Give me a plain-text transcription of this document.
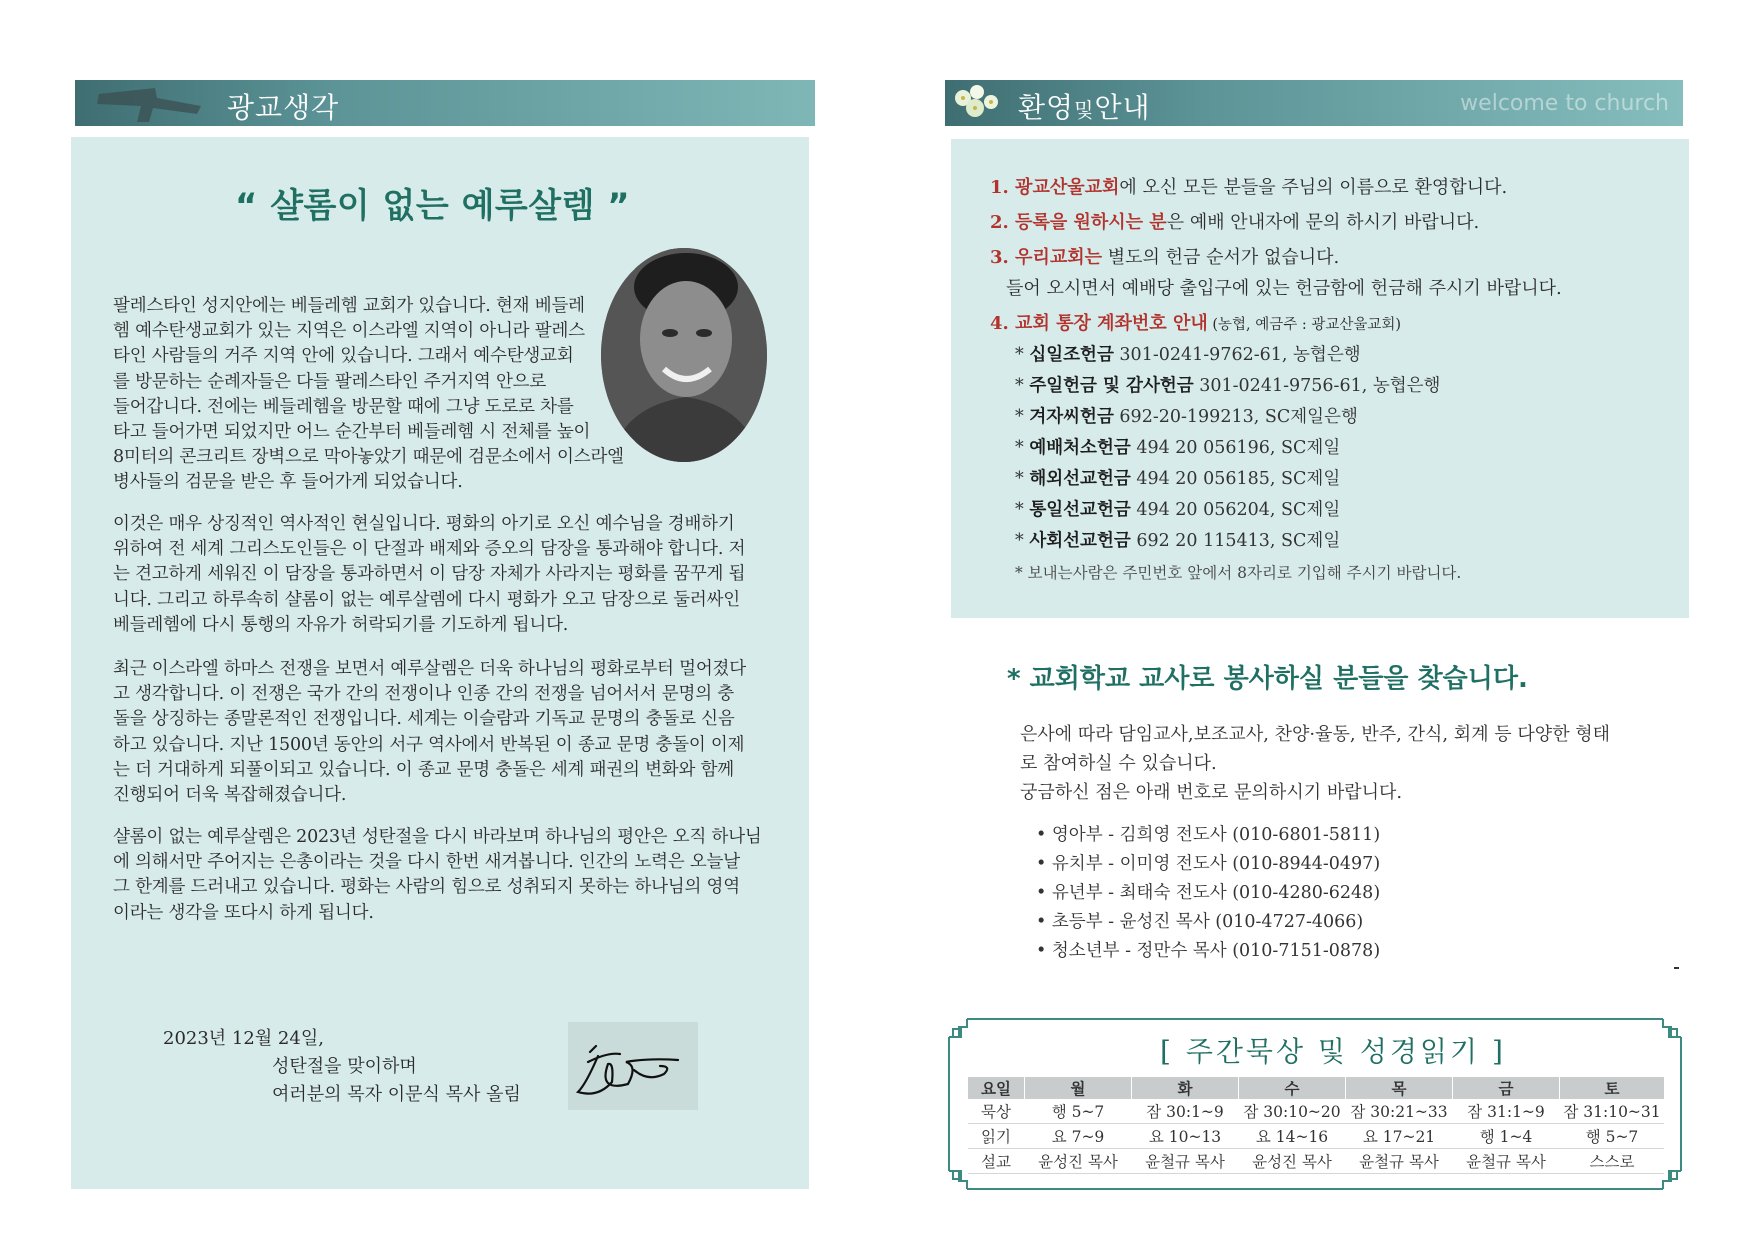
광교생각
“ 샬롬이 없는 예루살렘 ”
팔레스타인 성지안에는 베들레헴 교회가 있습니다. 현재 베들레
헴 예수탄생교회가 있는 지역은 이스라엘 지역이 아니라 팔레스
타인 사람들의 거주 지역 안에 있습니다. 그래서 예수탄생교회
를 방문하는 순례자들은 다들 팔레스타인 주거지역 안으로
들어갑니다. 전에는 베들레헴을 방문할 때에 그냥 도로로 차를
타고 들어가면 되었지만 어느 순간부터 베들레헴 시 전체를 높이
8미터의 콘크리트 장벽으로 막아놓았기 때문에 검문소에서 이스라엘
병사들의 검문을 받은 후 들어가게 되었습니다.
이것은 매우 상징적인 역사적인 현실입니다. 평화의 아기로 오신 예수님을 경배하기
위하여 전 세계 그리스도인들은 이 단절과 배제와 증오의 담장을 통과해야 합니다. 저
는 견고하게 세워진 이 담장을 통과하면서 이 담장 자체가 사라지는 평화를 꿈꾸게 됩
니다. 그리고 하루속히 샬롬이 없는 예루살렘에 다시 평화가 오고 담장으로 둘러싸인
베들레헴에 다시 통행의 자유가 허락되기를 기도하게 됩니다.
최근 이스라엘 하마스 전쟁을 보면서 예루살렘은 더욱 하나님의 평화로부터 멀어졌다
고 생각합니다. 이 전쟁은 국가 간의 전쟁이나 인종 간의 전쟁을 넘어서서 문명의 충
돌을 상징하는 종말론적인 전쟁입니다. 세계는 이슬람과 기독교 문명의 충돌로 신음
하고 있습니다. 지난 1500년 동안의 서구 역사에서 반복된 이 종교 문명 충돌이 이제
는 더 거대하게 되풀이되고 있습니다. 이 종교 문명 충돌은 세계 패권의 변화와 함께
진행되어 더욱 복잡해졌습니다.
샬롬이 없는 예루살렘은 2023년 성탄절을 다시 바라보며 하나님의 평안은 오직 하나님
에 의해서만 주어지는 은총이라는 것을 다시 한번 새겨봅니다. 인간의 노력은 오늘날
그 한계를 드러내고 있습니다. 평화는 사람의 힘으로 성취되지 못하는 하나님의 영역
이라는 생각을 또다시 하게 됩니다.
2023년 12월 24일,
성탄절을 맞이하며
여러분의 목자 이문식 목사 올림
환영및안내	welcome to church
1. 광교산울교회에 오신 모든 분들을 주님의 이름으로 환영합니다.
2. 등록을 원하시는 분은 예배 안내자에 문의 하시기 바랍니다.
3. 우리교회는 별도의 헌금 순서가 없습니다.
들어 오시면서 예배당 출입구에 있는 헌금함에 헌금해 주시기 바랍니다.
4. 교회 통장 계좌번호 안내 (농협, 예금주 : 광교산울교회)
* 십일조헌금 301-0241-9762-61, 농협은행
* 주일헌금 및 감사헌금 301-0241-9756-61, 농협은행
* 겨자씨헌금 692-20-199213, SC제일은행
* 예배처소헌금 494 20 056196, SC제일
* 해외선교헌금 494 20 056185, SC제일
* 통일선교헌금 494 20 056204, SC제일
* 사회선교헌금 692 20 115413, SC제일
* 보내는사람은 주민번호 앞에서 8자리로 기입해 주시기 바랍니다.
* 교회학교 교사로 봉사하실 분들을 찾습니다.
은사에 따라 담임교사,보조교사, 찬양·율동, 반주, 간식, 회계 등 다양한 형태
로 참여하실 수 있습니다.
궁금하신 점은 아래 번호로 문의하시기 바랍니다.
• 영아부 - 김희영 전도사 (010-6801-5811)
• 유치부 - 이미영 전도사 (010-8944-0497)
• 유년부 - 최태숙 전도사 (010-4280-6248)
• 초등부 - 윤성진 목사 (010-4727-4066)
• 청소년부 - 정만수 목사 (010-7151-0878)
[ 주간묵상 및 성경읽기 ]
요일	월	화	수	목	금	토
묵상	행 5~7	잠 30:1~9	잠 30:10~20	잠 30:21~33	잠 31:1~9	잠 31:10~31
읽기	요 7~9	요 10~13	요 14~16	요 17~21	행 1~4	행 5~7
설교	윤성진 목사	윤철규 목사	윤성진 목사	윤철규 목사	윤철규 목사	스스로
